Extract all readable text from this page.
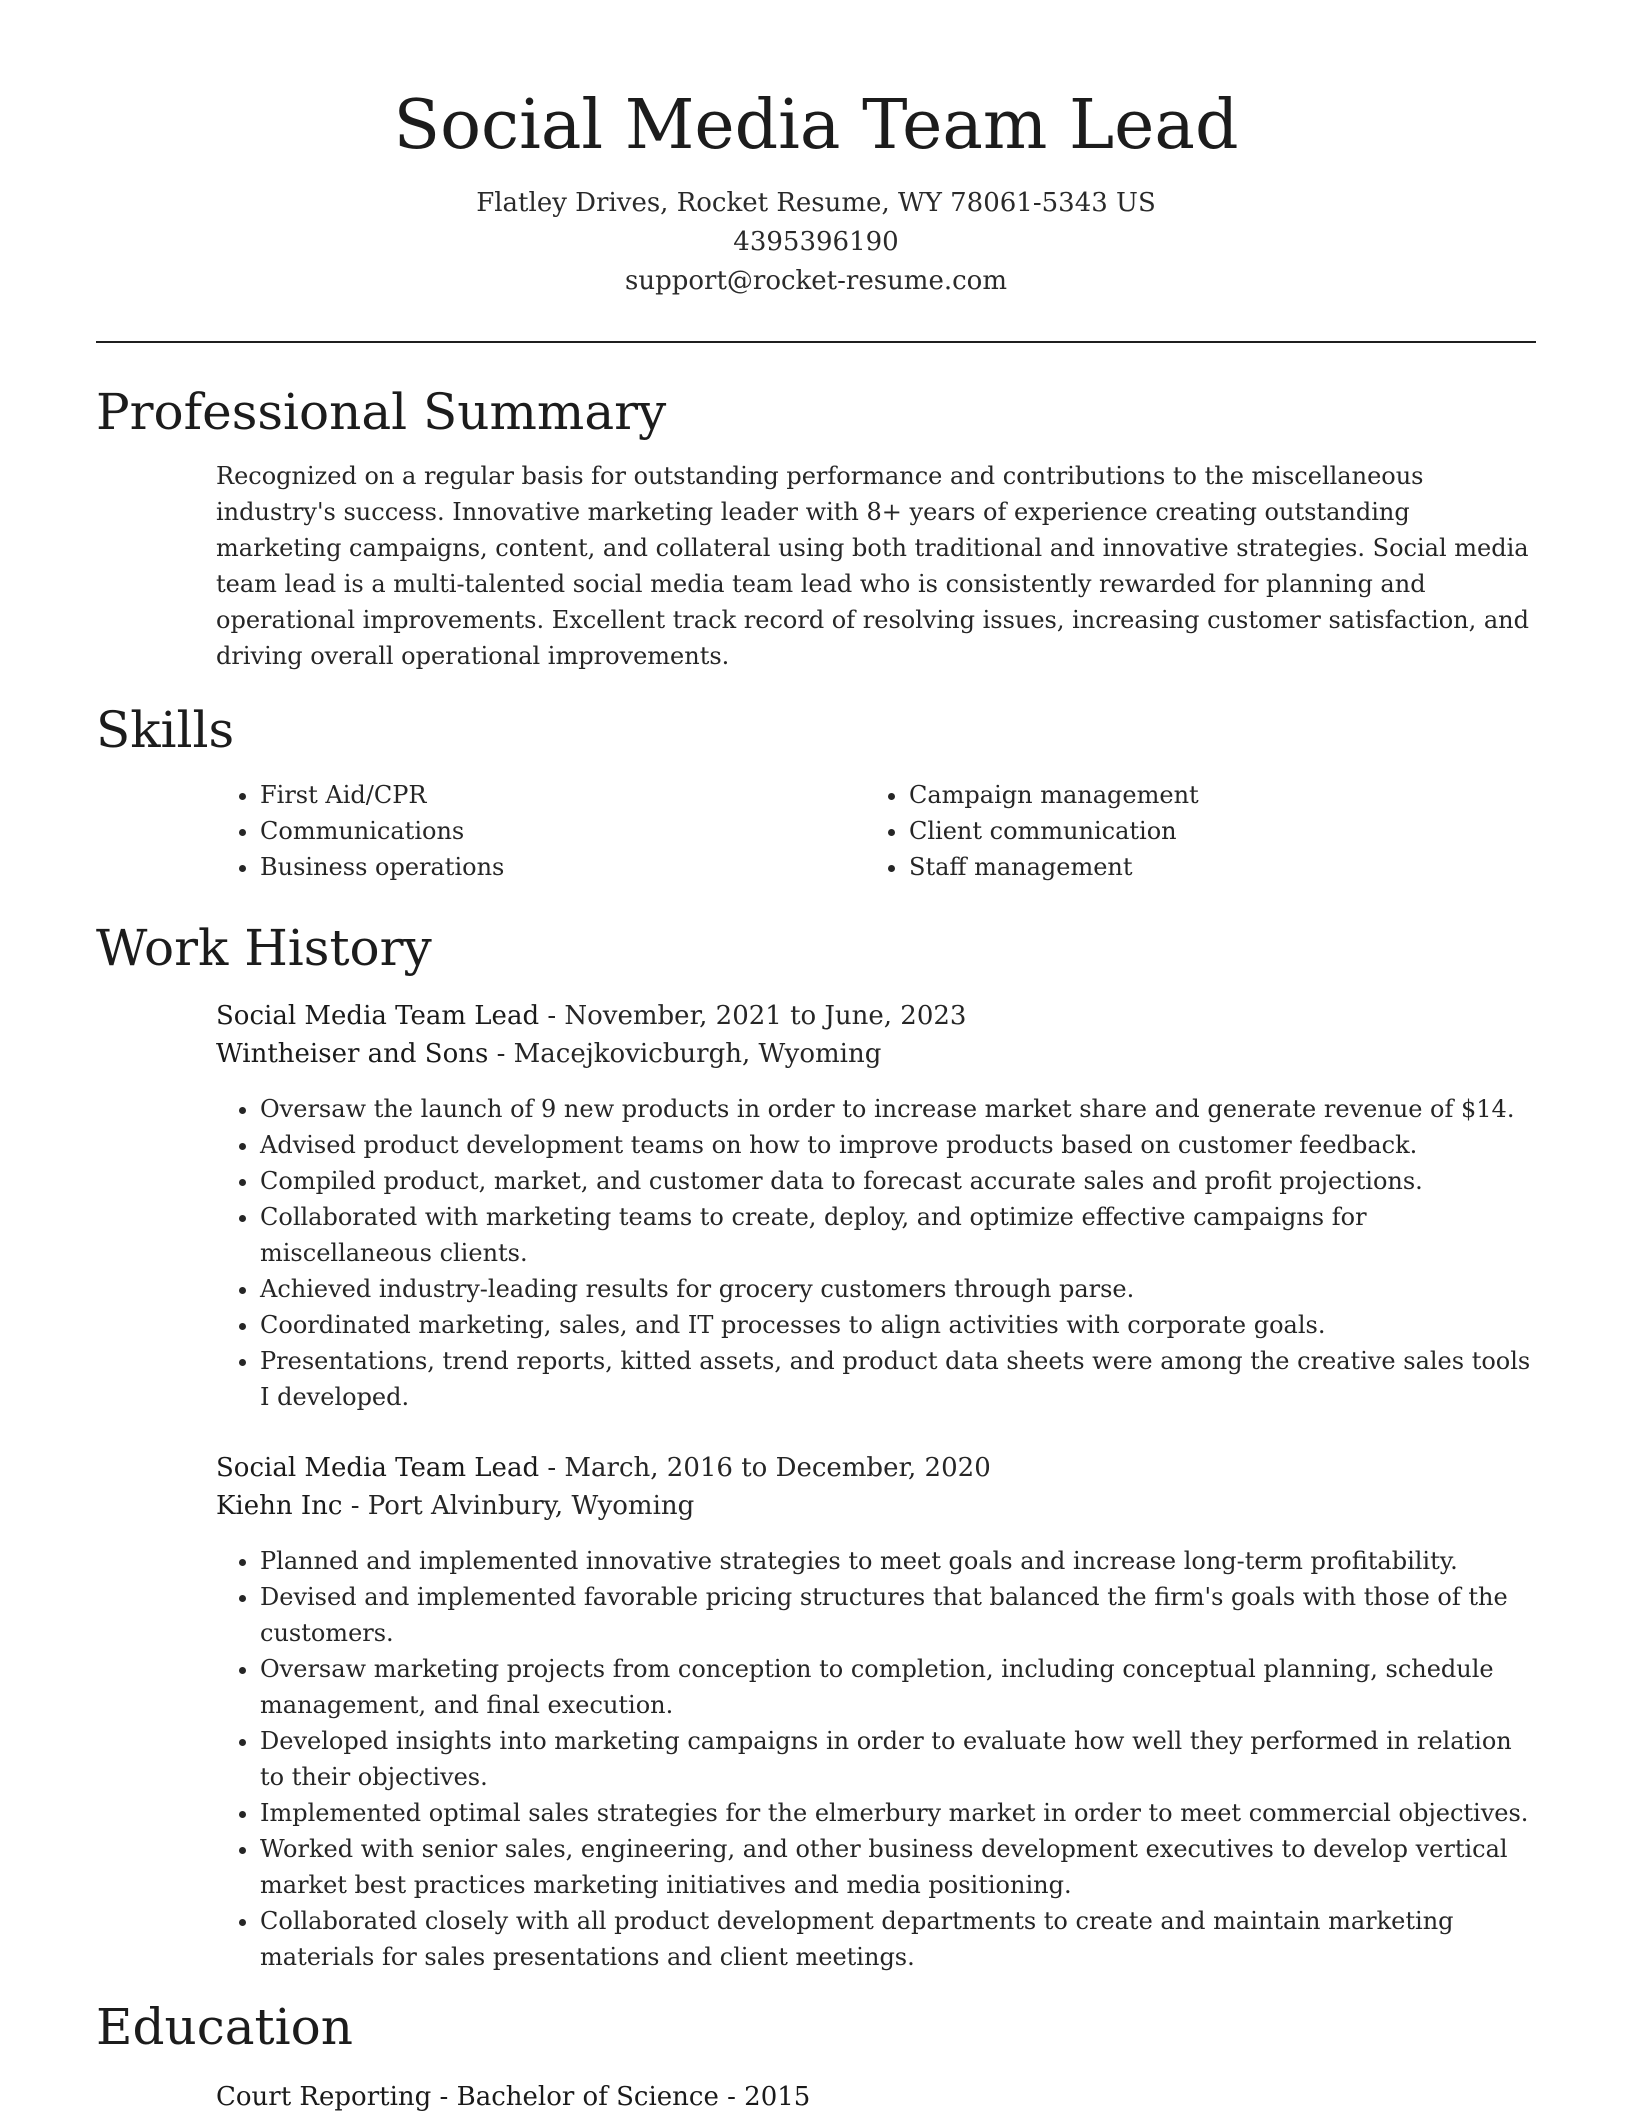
Social Media Team Lead
Flatley Drives, Rocket Resume, WY 78061-5343 US
4395396190
support@rocket-resume.com
Professional Summary

Recognized on a regular basis for outstanding performance and contributions to the miscellaneous industry's success. Innovative marketing leader with 8+ years of experience creating outstanding marketing campaigns, content, and collateral using both traditional and innovative strategies. Social media team lead is a multi-talented social media team lead who is consistently rewarded for planning and operational improvements. Excellent track record of resolving issues, increasing customer satisfaction, and driving overall operational improvements.

Skills
• First Aid/CPR
• Communications
• Business operations
• Campaign management
• Client communication
• Staff management
Work History
Social Media Team Lead - November, 2021 to June, 2023
Wintheiser and Sons - Macejkovicburgh, Wyoming
• Oversaw the launch of 9 new products in order to increase market share and generate revenue of $14.
• Advised product development teams on how to improve products based on customer feedback.
• Compiled product, market, and customer data to forecast accurate sales and profit projections.
• Collaborated with marketing teams to create, deploy, and optimize effective campaigns for miscellaneous clients.
• Achieved industry-leading results for grocery customers through parse.
• Coordinated marketing, sales, and IT processes to align activities with corporate goals.
• Presentations, trend reports, kitted assets, and product data sheets were among the creative sales tools I developed.
Social Media Team Lead - March, 2016 to December, 2020
Kiehn Inc - Port Alvinbury, Wyoming
• Planned and implemented innovative strategies to meet goals and increase long-term profitability.
• Devised and implemented favorable pricing structures that balanced the firm's goals with those of the customers.
• Oversaw marketing projects from conception to completion, including conceptual planning, schedule management, and final execution.
• Developed insights into marketing campaigns in order to evaluate how well they performed in relation to their objectives.
• Implemented optimal sales strategies for the elmerbury market in order to meet commercial objectives.
• Worked with senior sales, engineering, and other business development executives to develop vertical market best practices marketing initiatives and media positioning.
• Collaborated closely with all product development departments to create and maintain marketing materials for sales presentations and client meetings.
Education
Court Reporting - Bachelor of Science - 2015
